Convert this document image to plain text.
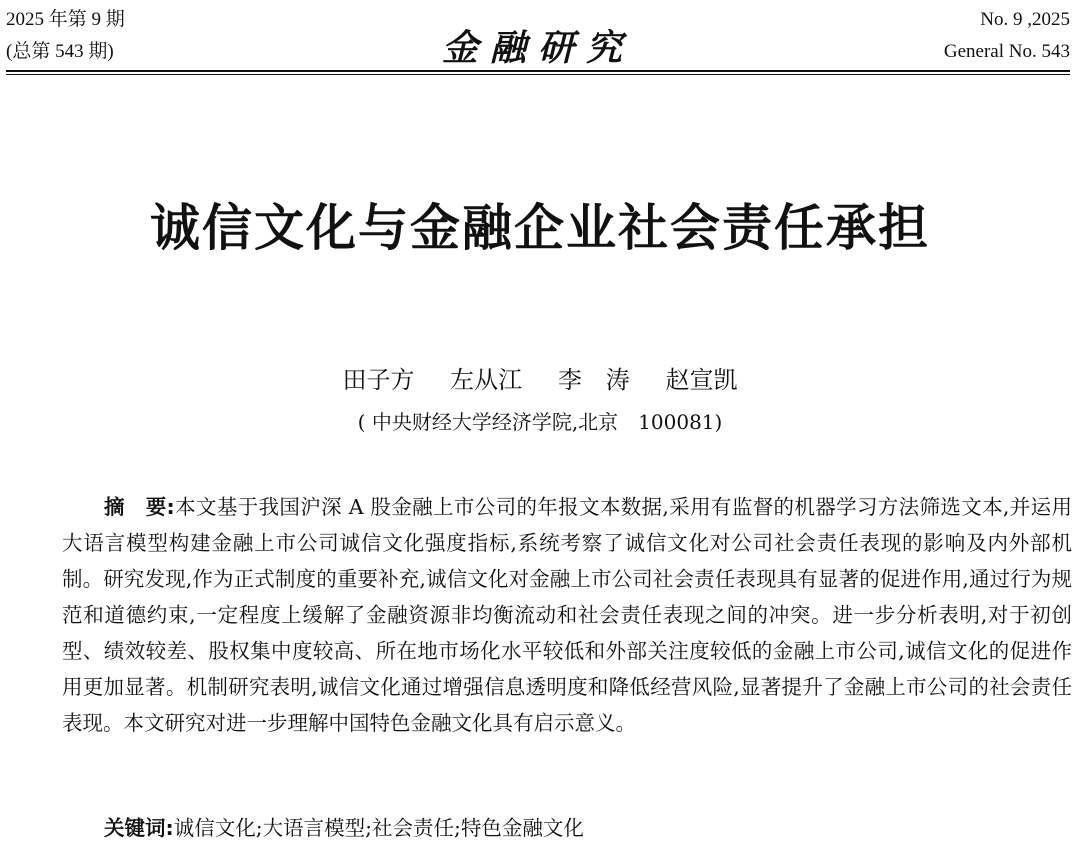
2025 年第 9 期
(总第 543 期)	金融研究
No. 9 ,2025
General No. 543
诚信文化与金融企业社会责任承担
田子方 左从江 李　涛 赵宣凯
( 中央财经大学经济学院,北京　100081)
摘　要:本文基于我国沪深 A 股金融上市公司的年报文本数据,采用有监督的机器学习方法筛选文本,并运用大语言模型构建金融上市公司诚信文化强度指标,系统考察了诚信文化对公司社会责任表现的影响及内外部机制。研究发现,作为正式制度的重要补充,诚信文化对金融上市公司社会责任表现具有显著的促进作用,通过行为规范和道德约束,一定程度上缓解了金融资源非均衡流动和社会责任表现之间的冲突。进一步分析表明,对于初创型、绩效较差、股权集中度较高、所在地市场化水平较低和外部关注度较低的金融上市公司,诚信文化的促进作用更加显著。机制研究表明,诚信文化通过增强信息透明度和降低经营风险,显著提升了金融上市公司的社会责任表现。本文研究对进一步理解中国特色金融文化具有启示意义。
关键词:诚信文化;大语言模型;社会责任;特色金融文化
